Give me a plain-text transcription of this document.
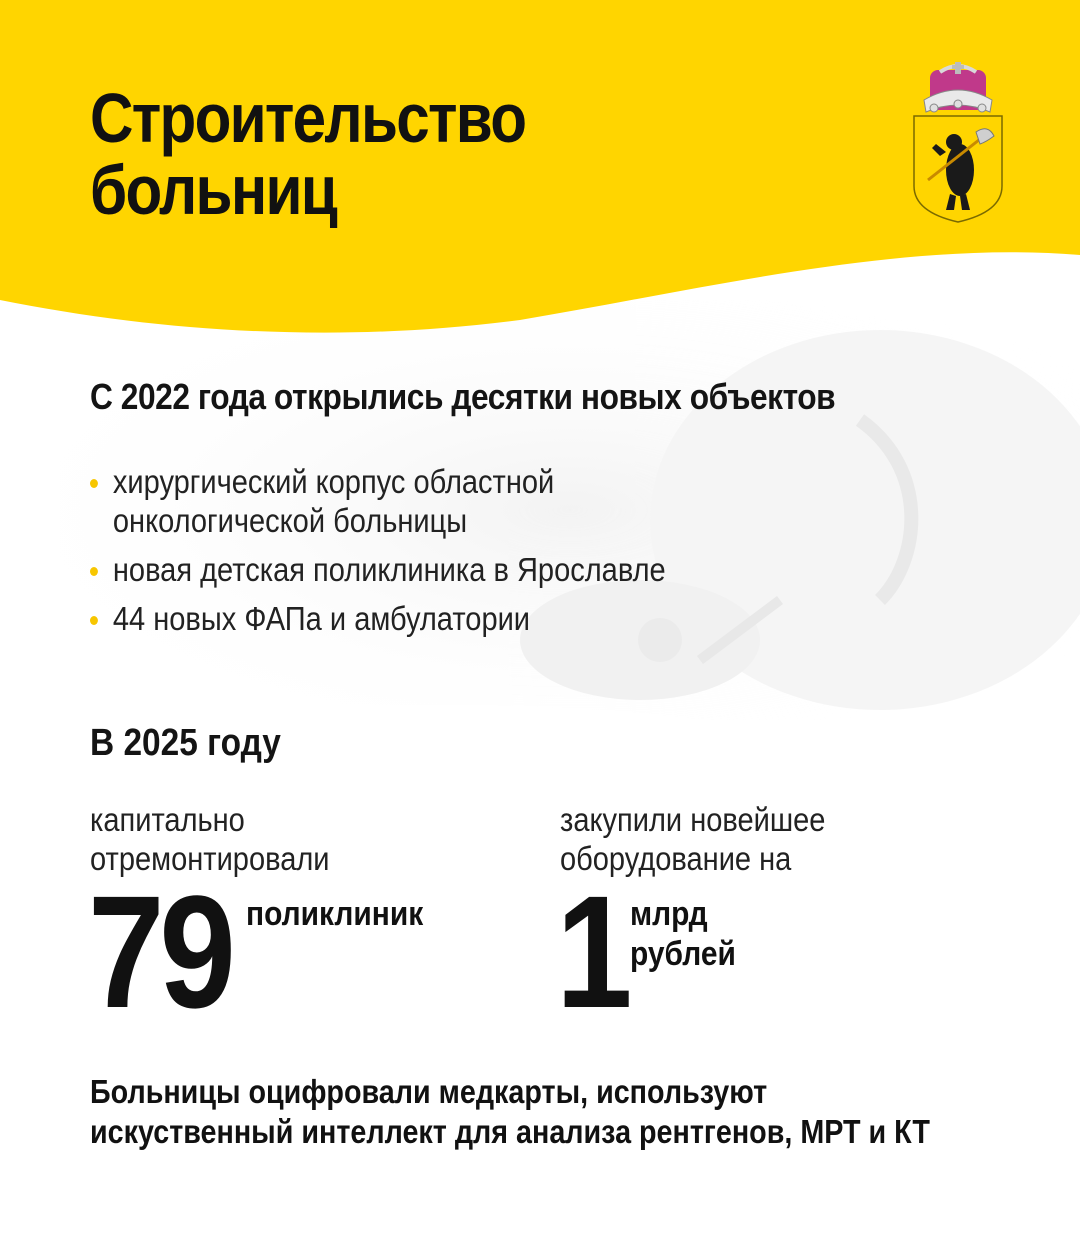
Строительство
больниц
С 2022 года открылись десятки новых объектов
хирургический корпус областной
онкологической больницы
новая детская поликлиника в Ярославле
44 новых ФАПа и амбулатории
В 2025 году

капитально
отремонтировали

79 поликлиник

закупили новейшее
оборудование на

1 млрд
рублей

Больницы оцифровали медкарты, используют
искуственный интеллект для анализа рентгенов, МРТ и КТ
